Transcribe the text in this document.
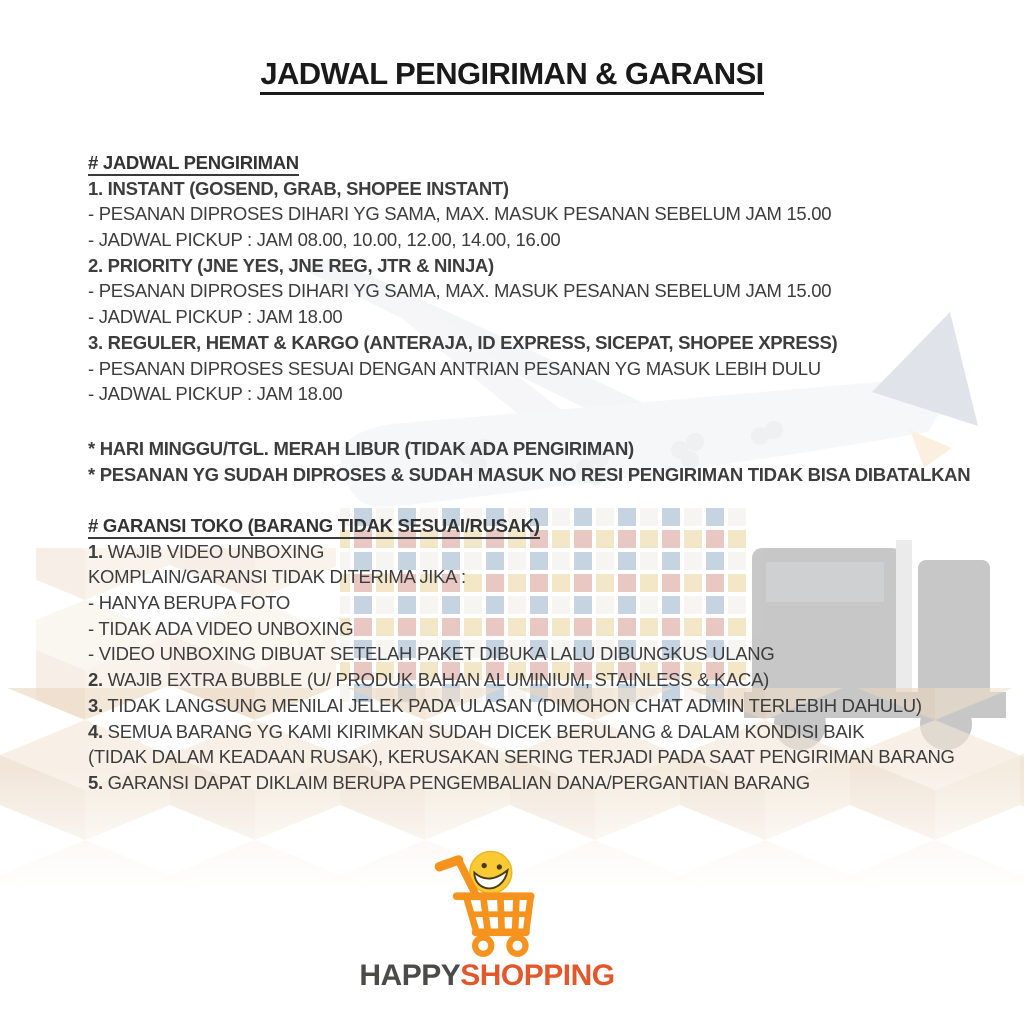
JADWAL PENGIRIMAN & GARANSI
# JADWAL PENGIRIMAN
1. INSTANT (GOSEND, GRAB, SHOPEE INSTANT)
- PESANAN DIPROSES DIHARI YG SAMA, MAX. MASUK PESANAN SEBELUM JAM 15.00
- JADWAL PICKUP : JAM 08.00, 10.00, 12.00, 14.00, 16.00
2. PRIORITY (JNE YES, JNE REG, JTR & NINJA)
- PESANAN DIPROSES DIHARI YG SAMA, MAX. MASUK PESANAN SEBELUM JAM 15.00
- JADWAL PICKUP : JAM 18.00
3. REGULER, HEMAT & KARGO (ANTERAJA, ID EXPRESS, SICEPAT, SHOPEE XPRESS)
- PESANAN DIPROSES SESUAI DENGAN ANTRIAN PESANAN YG MASUK LEBIH DULU
- JADWAL PICKUP : JAM 18.00
* HARI MINGGU/TGL. MERAH LIBUR (TIDAK ADA PENGIRIMAN)
* PESANAN YG SUDAH DIPROSES & SUDAH MASUK NO RESI PENGIRIMAN TIDAK BISA DIBATALKAN
# GARANSI TOKO (BARANG TIDAK SESUAI/RUSAK)
1. WAJIB VIDEO UNBOXING
KOMPLAIN/GARANSI TIDAK DITERIMA JIKA :
- HANYA BERUPA FOTO
- TIDAK ADA VIDEO UNBOXING
- VIDEO UNBOXING DIBUAT SETELAH PAKET DIBUKA LALU DIBUNGKUS ULANG
2. WAJIB EXTRA BUBBLE (U/ PRODUK BAHAN ALUMINIUM, STAINLESS & KACA)
3. TIDAK LANGSUNG MENILAI JELEK PADA ULASAN (DIMOHON CHAT ADMIN TERLEBIH DAHULU)
4. SEMUA BARANG YG KAMI KIRIMKAN SUDAH DICEK BERULANG & DALAM KONDISI BAIK
(TIDAK DALAM KEADAAN RUSAK), KERUSAKAN SERING TERJADI PADA SAAT PENGIRIMAN BARANG
5. GARANSI DAPAT DIKLAIM BERUPA PENGEMBALIAN DANA/PERGANTIAN BARANG
HAPPYSHOPPING
